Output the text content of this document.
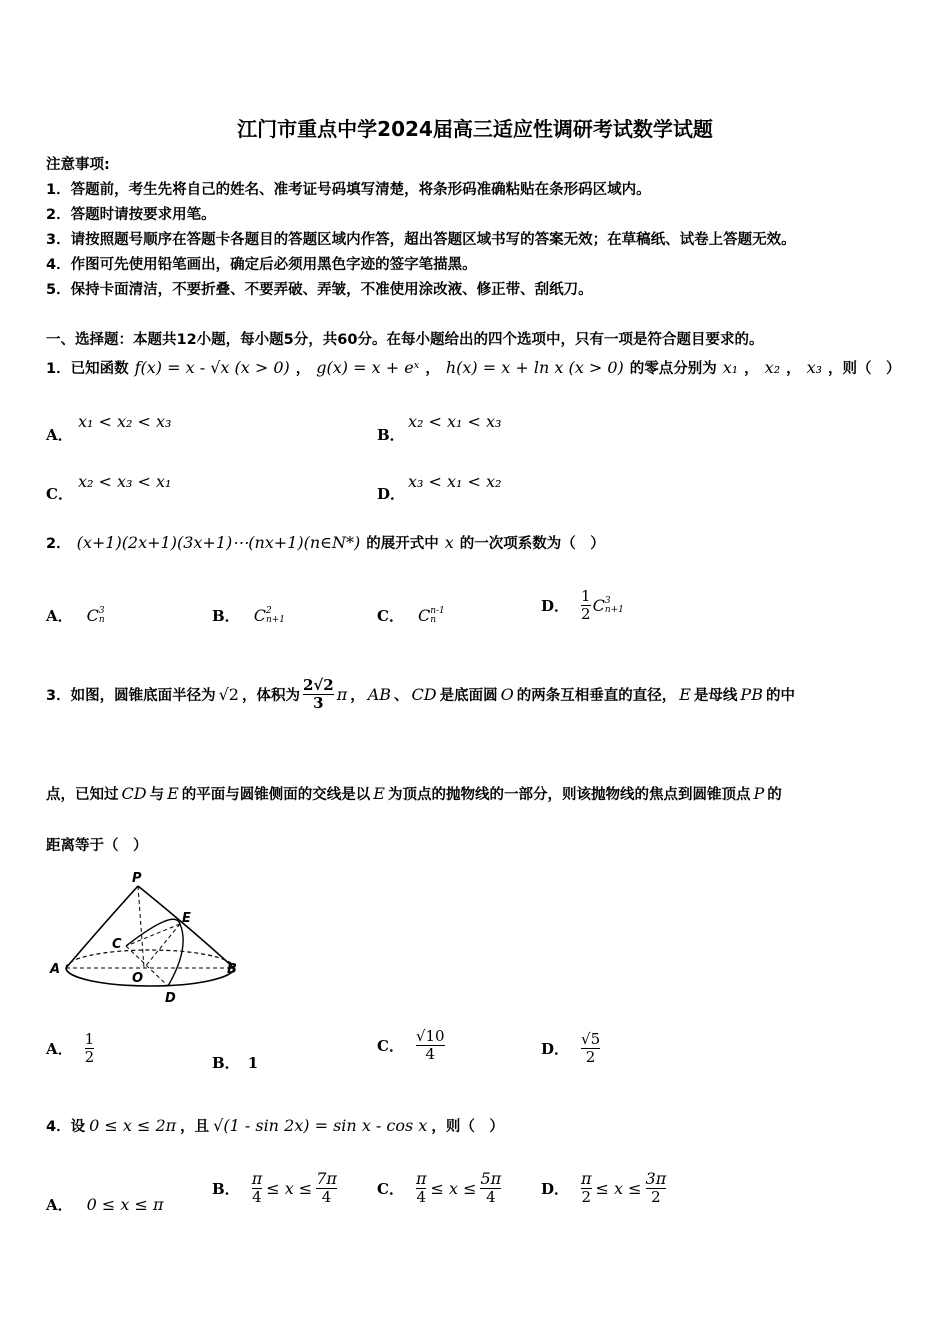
江门市重点中学2024届高三适应性调研考试数学试题
注意事项:
1．答题前，考生先将自己的姓名、准考证号码填写清楚，将条形码准确粘贴在条形码区域内。
2．答题时请按要求用笔。
3．请按照题号顺序在答题卡各题目的答题区域内作答，超出答题区域书写的答案无效；在草稿纸、试卷上答题无效。
4．作图可先使用铅笔画出，确定后必须用黑色字迹的签字笔描黑。
5．保持卡面清洁，不要折叠、不要弄破、弄皱，不准使用涂改液、修正带、刮纸刀。
一、选择题：本题共12小题，每小题5分，共60分。在每小题给出的四个选项中，只有一项是符合题目要求的。
1．已知函数 f(x) = x - √x (x > 0) ， g(x) = x + eˣ ， h(x) = x + ln x (x > 0) 的零点分别为 x₁ ， x₂ ， x₃ ，则（　）
A．
x₁ < x₂ < x₃
B．
x₂ < x₁ < x₃
C．
x₂ < x₃ < x₁
D．
x₃ < x₁ < x₂
2． (x+1)(2x+1)(3x+1)⋯(nx+1)(n∈N*) 的展开式中 x 的一次项系数为（　）
A． C 3
n	B． C 2
n+1	C． C n-1
n
D． $\frac{1}{2}$ C 3
n+1
3．如图，圆锥底面半径为 √2 ，体积为 $\frac{2√2}{3}$ π ， AB 、 CD 是底面圆 O 的两条互相垂直的直径， E 是母线 PB 的中
点，已知过 CD 与 E 的平面与圆锥侧面的交线是以 E 为顶点的抛物线的一部分，则该抛物线的焦点到圆锥顶点 P 的
距离等于（　）
P
E
C
A
O
B
D
A． $\frac{1}{2}$	B． 1
C． $\frac{√10}{4}$	D． $\frac{√5}{2}$
4．设 0 ≤ x ≤ 2π ，且 √(1 - sin 2x) = sin x - cos x ，则（　）
A． 0 ≤ x ≤ π
B． $\frac{\pi}{4} \le x \le \frac{7\pi}{4}$	C． $\frac{\pi}{4} \le x \le \frac{5\pi}{4}$	D． $\frac{\pi}{2} \le x \le \frac{3\pi}{2}$
